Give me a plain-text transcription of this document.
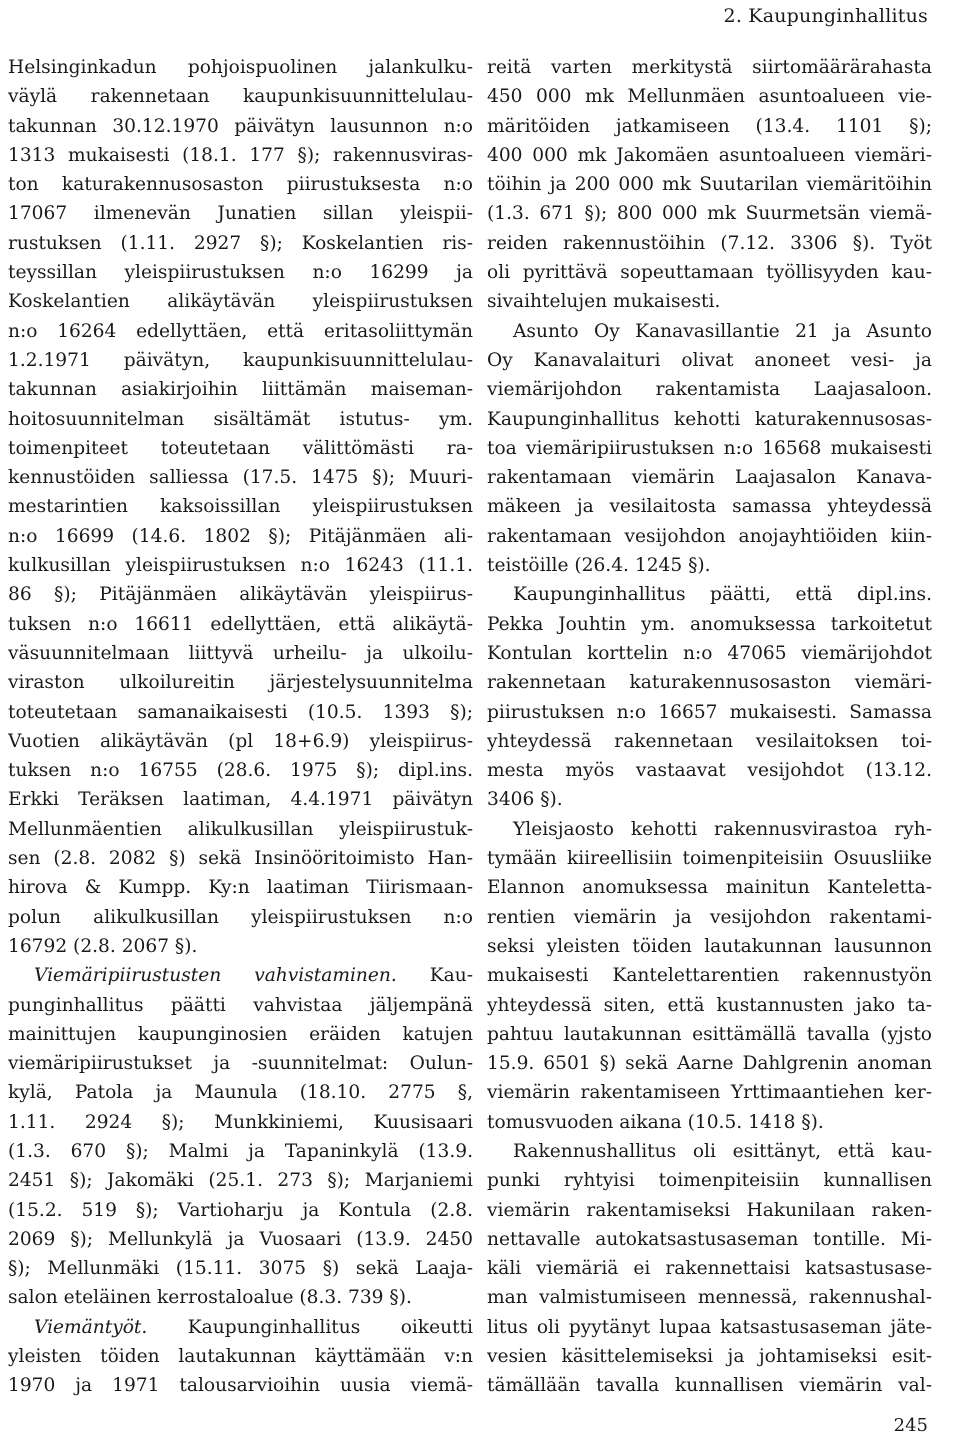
2. Kaupunginhallitus
Helsinginkadun pohjoispuolinen jalankulku-
väylä rakennetaan kaupunkisuunnittelulau-
takunnan 30.12.1970 päivätyn lausunnon n:o
1313 mukaisesti (18.1. 177 §); rakennusviras-
ton katurakennusosaston piirustuksesta n:o
17067 ilmenevän Junatien sillan yleispii-
rustuksen (1.11. 2927 §); Koskelantien ris-
teyssillan yleispiirustuksen n:o 16299 ja
Koskelantien alikäytävän yleispiirustuksen
n:o 16264 edellyttäen, että eritasoliittymän
1.2.1971 päivätyn, kaupunkisuunnittelulau-
takunnan asiakirjoihin liittämän maiseman-
hoitosuunnitelman sisältämät istutus- ym.
toimenpiteet toteutetaan välittömästi ra-
kennustöiden salliessa (17.5. 1475 §); Muuri-
mestarintien kaksoissillan yleispiirustuksen
n:o 16699 (14.6. 1802 §); Pitäjänmäen ali-
kulkusillan yleispiirustuksen n:o 16243 (11.1.
86 §); Pitäjänmäen alikäytävän yleispiirus-
tuksen n:o 16611 edellyttäen, että alikäytä-
väsuunnitelmaan liittyvä urheilu- ja ulkoilu-
viraston ulkoilureitin järjestelysuunnitelma
toteutetaan samanaikaisesti (10.5. 1393 §);
Vuotien alikäytävän (pl 18+6.9) yleispiirus-
tuksen n:o 16755 (28.6. 1975 §); dipl.ins.
Erkki Teräksen laatiman, 4.4.1971 päivätyn
Mellunmäentien alikulkusillan yleispiirustuk-
sen (2.8. 2082 §) sekä Insinööritoimisto Han-
hirova & Kumpp. Ky:n laatiman Tiirismaan-
polun alikulkusillan yleispiirustuksen n:o
16792 (2.8. 2067 §).
Viemäripiirustusten vahvistaminen. Kau-
punginhallitus päätti vahvistaa jäljempänä
mainittujen kaupunginosien eräiden katujen
viemäripiirustukset ja -suunnitelmat: Oulun-
kylä, Patola ja Maunula (18.10. 2775 §,
1.11. 2924 §); Munkkiniemi, Kuusisaari
(1.3. 670 §); Malmi ja Tapaninkylä (13.9.
2451 §); Jakomäki (25.1. 273 §); Marjaniemi
(15.2. 519 §); Vartioharju ja Kontula (2.8.
2069 §); Mellunkylä ja Vuosaari (13.9. 2450
§); Mellunmäki (15.11. 3075 §) sekä Laaja-
salon eteläinen kerrostaloalue (8.3. 739 §).
Viemäntyöt. Kaupunginhallitus oikeutti
yleisten töiden lautakunnan käyttämään v:n
1970 ja 1971 talousarvioihin uusia viemä-
reitä varten merkitystä siirtomäärärahasta
450 000 mk Mellunmäen asuntoalueen vie-
märitöiden jatkamiseen (13.4. 1101 §);
400 000 mk Jakomäen asuntoalueen viemäri-
töihin ja 200 000 mk Suutarilan viemäritöihin
(1.3. 671 §); 800 000 mk Suurmetsän viemä-
reiden rakennustöihin (7.12. 3306 §). Työt
oli pyrittävä sopeuttamaan työllisyyden kau-
sivaihtelujen mukaisesti.
Asunto Oy Kanavasillantie 21 ja Asunto
Oy Kanavalaituri olivat anoneet vesi- ja
viemärijohdon rakentamista Laajasaloon.
Kaupunginhallitus kehotti katurakennusosas-
toa viemäripiirustuksen n:o 16568 mukaisesti
rakentamaan viemärin Laajasalon Kanava-
mäkeen ja vesilaitosta samassa yhteydessä
rakentamaan vesijohdon anojayhtiöiden kiin-
teistöille (26.4. 1245 §).
Kaupunginhallitus päätti, että dipl.ins.
Pekka Jouhtin ym. anomuksessa tarkoitetut
Kontulan korttelin n:o 47065 viemärijohdot
rakennetaan katurakennusosaston viemäri-
piirustuksen n:o 16657 mukaisesti. Samassa
yhteydessä rakennetaan vesilaitoksen toi-
mesta myös vastaavat vesijohdot (13.12.
3406 §).
Yleisjaosto kehotti rakennusvirastoa ryh-
tymään kiireellisiin toimenpiteisiin Osuusliike
Elannon anomuksessa mainitun Kanteletta-
rentien viemärin ja vesijohdon rakentami-
seksi yleisten töiden lautakunnan lausunnon
mukaisesti Kantelettarentien rakennustyön
yhteydessä siten, että kustannusten jako ta-
pahtuu lautakunnan esittämällä tavalla (yjsto
15.9. 6501 §) sekä Aarne Dahlgrenin anoman
viemärin rakentamiseen Yrttimaantiehen ker-
tomusvuoden aikana (10.5. 1418 §).
Rakennushallitus oli esittänyt, että kau-
punki ryhtyisi toimenpiteisiin kunnallisen
viemärin rakentamiseksi Hakunilaan raken-
nettavalle autokatsastusaseman tontille. Mi-
käli viemäriä ei rakennettaisi katsastusase-
man valmistumiseen mennessä, rakennushal-
litus oli pyytänyt lupaa katsastusaseman jäte-
vesien käsittelemiseksi ja johtamiseksi esit-
tämällään tavalla kunnallisen viemärin val-
245
